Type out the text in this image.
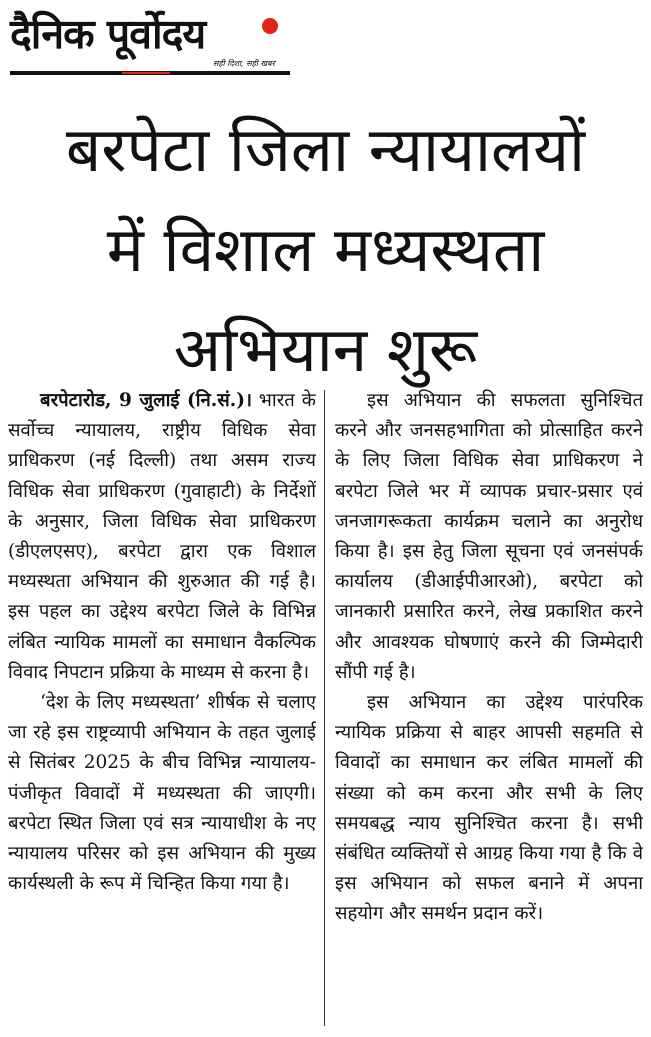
दैनिक पूर्वोदय
सही दिशा, सही खबर
बरपेटा जिला न्यायालयों
में विशाल मध्यस्थता
अभियान शुरू

बरपेटारोड, 9 जुलाई (नि.सं.)। भारत के सर्वोच्च न्यायालय, राष्ट्रीय विधिक सेवा प्राधिकरण (नई दिल्ली) तथा असम राज्य विधिक सेवा प्राधिकरण (गुवाहाटी) के निर्देशों के अनुसार, जिला विधिक सेवा प्राधिकरण (डीएलएसए), बरपेटा द्वारा एक विशाल मध्यस्थता अभियान की शुरुआत की गई है। इस पहल का उद्देश्य बरपेटा जिले के विभिन्न लंबित न्यायिक मामलों का समाधान वैकल्पिक विवाद निपटान प्रक्रिया के माध्यम से करना है।

‘देश के लिए मध्यस्थता’ शीर्षक से चलाए जा रहे इस राष्ट्रव्यापी अभियान के तहत जुलाई से सितंबर 2025 के बीच विभिन्न न्यायालय-पंजीकृत विवादों में मध्यस्थता की जाएगी। बरपेटा स्थित जिला एवं सत्र न्यायाधीश के नए न्यायालय परिसर को इस अभियान की मुख्य कार्यस्थली के रूप में चिन्हित किया गया है।

इस अभियान की सफलता सुनिश्चित करने और जनसहभागिता को प्रोत्साहित करने के लिए जिला विधिक सेवा प्राधिकरण ने बरपेटा जिले भर में व्यापक प्रचार-प्रसार एवं जनजागरूकता कार्यक्रम चलाने का अनुरोध किया है। इस हेतु जिला सूचना एवं जनसंपर्क कार्यालय (डीआईपीआरओ), बरपेटा को जानकारी प्रसारित करने, लेख प्रकाशित करने और आवश्यक घोषणाएं करने की जिम्मेदारी सौंपी गई है।

इस अभियान का उद्देश्य पारंपरिक न्यायिक प्रक्रिया से बाहर आपसी सहमति से विवादों का समाधान कर लंबित मामलों की संख्या को कम करना और सभी के लिए समयबद्ध न्याय सुनिश्चित करना है। सभी संबंधित व्यक्तियों से आग्रह किया गया है कि वे इस अभियान को सफल बनाने में अपना सहयोग और समर्थन प्रदान करें।
